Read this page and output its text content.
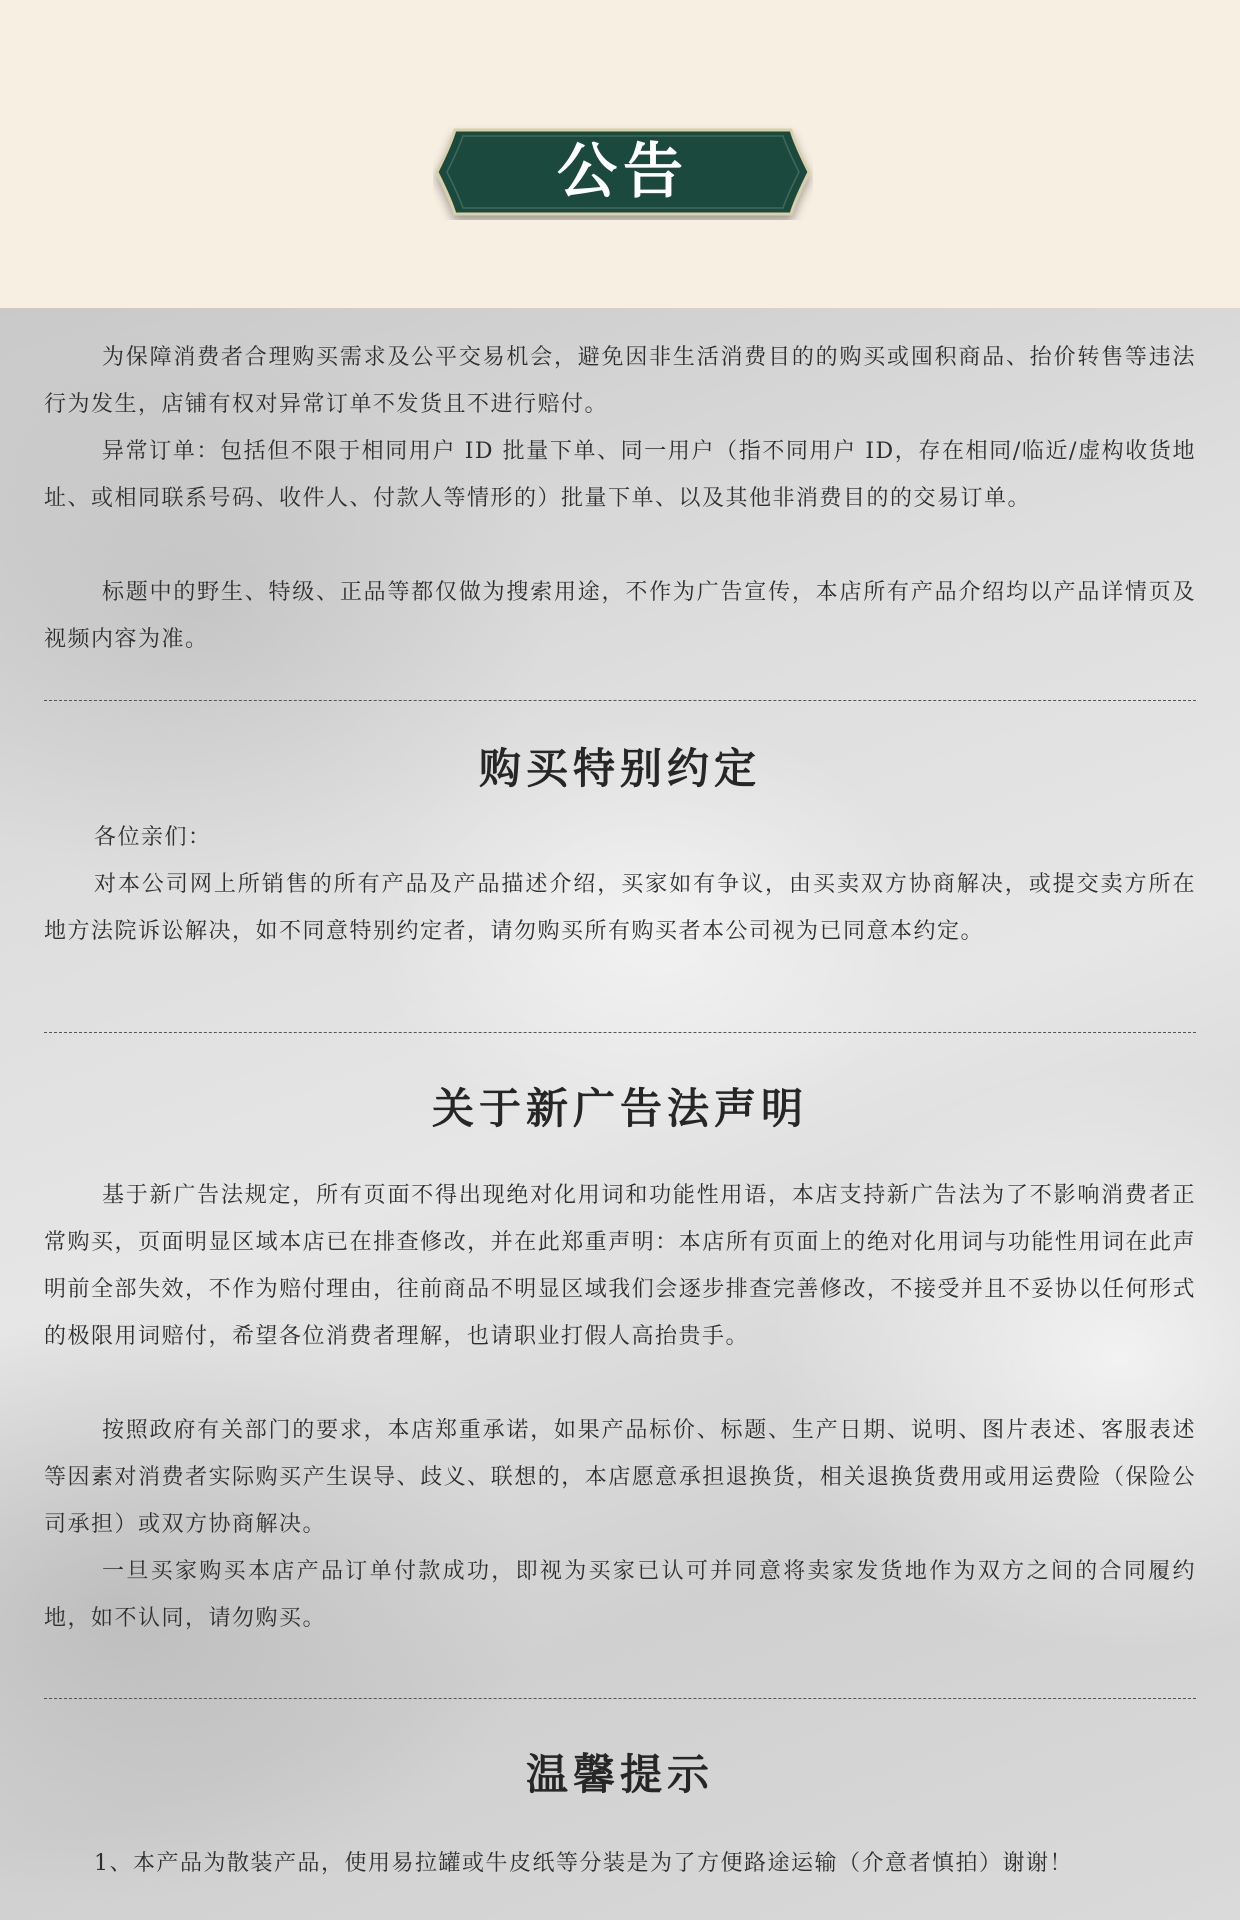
公告

为保障消费者合理购买需求及公平交易机会，避免因非生活消费目的的购买或囤积商品、抬价转售等违法行为发生，店铺有权对异常订单不发货且不进行赔付。

异常订单：包括但不限于相同用户 ID 批量下单、同一用户（指不同用户 ID，存在相同/临近/虚构收货地址、或相同联系号码、收件人、付款人等情形的）批量下单、以及其他非消费目的的交易订单。

标题中的野生、特级、正品等都仅做为搜索用途，不作为广告宣传，本店所有产品介绍均以产品详情页及视频内容为准。

购买特别约定

各位亲们：

对本公司网上所销售的所有产品及产品描述介绍，买家如有争议，由买卖双方协商解决，或提交卖方所在地方法院诉讼解决，如不同意特别约定者，请勿购买所有购买者本公司视为已同意本约定。

关于新广告法声明

基于新广告法规定，所有页面不得出现绝对化用词和功能性用语，本店支持新广告法为了不影响消费者正常购买，页面明显区域本店已在排查修改，并在此郑重声明：本店所有页面上的绝对化用词与功能性用词在此声明前全部失效，不作为赔付理由，往前商品不明显区域我们会逐步排查完善修改，不接受并且不妥协以任何形式的极限用词赔付，希望各位消费者理解，也请职业打假人高抬贵手。

按照政府有关部门的要求，本店郑重承诺，如果产品标价、标题、生产日期、说明、图片表述、客服表述等因素对消费者实际购买产生误导、歧义、联想的，本店愿意承担退换货，相关退换货费用或用运费险（保险公司承担）或双方协商解决。

一旦买家购买本店产品订单付款成功，即视为买家已认可并同意将卖家发货地作为双方之间的合同履约地，如不认同，请勿购买。

温馨提示

1、本产品为散装产品，使用易拉罐或牛皮纸等分装是为了方便路途运输（介意者慎拍）谢谢！
